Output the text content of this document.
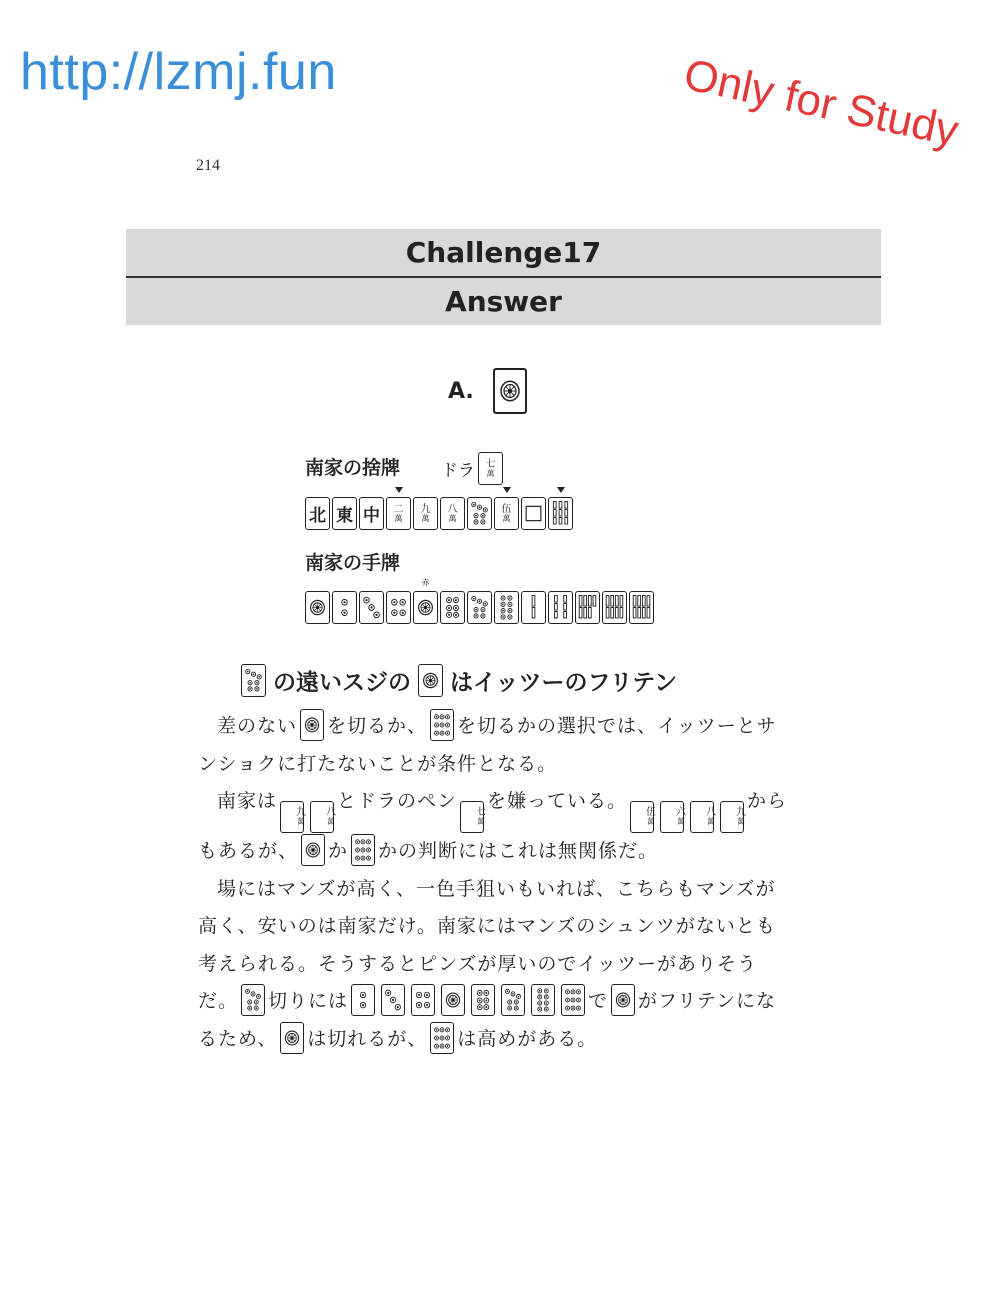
http://lzmj.fun	Only for Study
214
Challenge17
Answer
A.
南家の捨牌 ドラ 七
萬
北 東 中 二
萬
九
萬
八
萬
伍
萬
南家の手牌
赤
の遠いスジの はイッツーのフリテン
差のない を切るか、 を切るかの選択では、イッツーとサンショクに打たないことが条件となる。
南家は
九
萬
八
萬
とドラのペン
七
萬
を嫌っている。
伍
萬
六
萬
八
萬
九
萬
からもあるが、 か かの判断にはこれは無関係だ。
場にはマンズが高く、一色手狙いもいれば、こちらもマンズが高く、安いのは南家だけ。南家にはマンズのシュンツがないとも考えられる。そうするとピンズが厚いのでイッツーがありそうだ。 切りには	で がフリテンになるため、 は切れるが、 は高めがある。
